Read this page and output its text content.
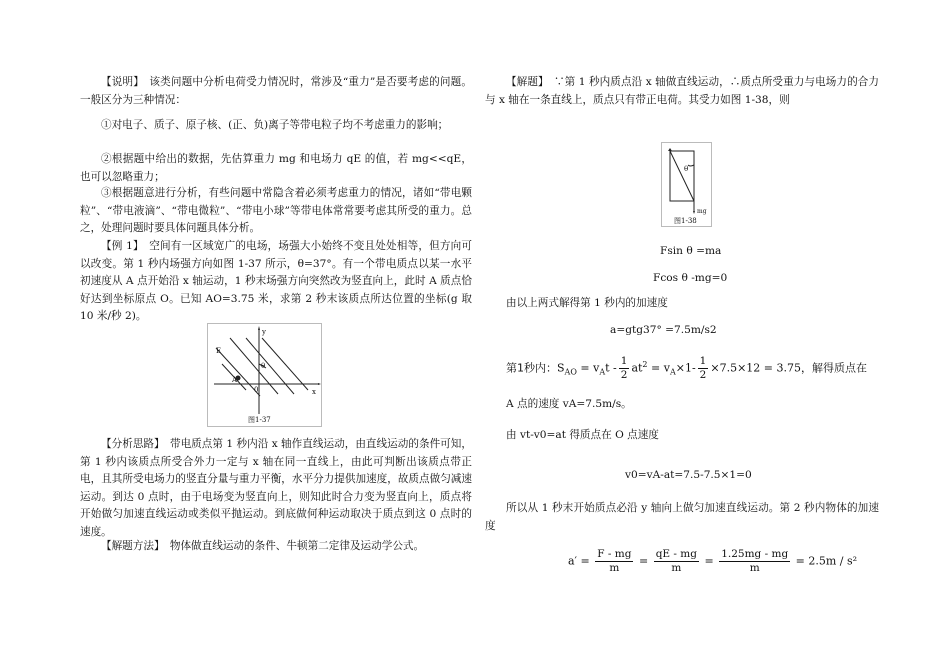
【说明】　该类问题中分析电荷受力情况时，常涉及“重力”是否要考虑的问题。一般区分为三种情况：

①对电子、质子、原子核、(正、负)离子等带电粒子均不考虑重力的影响；

②根据题中给出的数据，先估算重力 mg 和电场力 qE 的值，若 mg<<qE，也可以忽略重力；

③根据题意进行分析，有些问题中常隐含着必须考虑重力的情况，诸如“带电颗粒”、“带电液滴”、“带电微粒”、“带电小球”等带电体常常要考虑其所受的重力。总之，处理问题时要具体问题具体分析。

【例 1】　空间有一区域宽广的电场，场强大小始终不变且处处相等，但方向可以改变。第 1 秒内场强方向如图 1-37 所示，θ=37°。有一个带电质点以某一水平初速度从 A 点开始沿 x 轴运动，1 秒末场强方向突然改为竖直向上，此时 A 质点恰好达到坐标原点 O。已知 AO=3.75 米，求第 2 秒末该质点所达位置的坐标(g 取 10 米/秒 2)。

E
y
x
θ
A
0
图1-37

【分析思路】　带电质点第 1 秒内沿 x 轴作直线运动，由直线运动的条件可知，第 1 秒内该质点所受合外力一定与 x 轴在同一直线上，由此可判断出该质点带正电，且其所受电场力的竖直分量与重力平衡，水平分力提供加速度，故质点做匀减速运动。到达 0 点时，由于电场变为竖直向上，则知此时合力变为竖直向上，质点将开始做匀加速直线运动或类似平抛运动。到底做何种运动取决于质点到这 0 点时的速度。

【解题方法】　物体做直线运动的条件、牛顿第二定律及运动学公式。

【解题】　∵第 1 秒内质点沿 x 轴做直线运动，∴质点所受重力与电场力的合力与 x 轴在一条直线上，质点只有带正电荷。其受力如图 1-38，则

θ
mg
图1-38
Fsin θ =ma
Fcos θ -mg=0

由以上两式解得第 1 秒内的加速度

a=gtg37° =7.5m/s2
第1秒内：$S_{AO} = v_At - \frac{1}{2} at^2 = v_A\times 1- \frac{1}{2} \times 7.5\times 12 = 3.75$，解得质点在

A 点的速度 vA=7.5m/s。

由 vt-v0=at 得质点在 O 点速度

v0=vA-at=7.5-7.5×1=0

所以从 1 秒末开始质点必沿 y 轴向上做匀加速直线运动。第 2 秒内物体的加速度

$a' = \frac{F - mg}{m} = \frac{qE - mg}{m} = \frac{1.25mg - mg}{m} = 2.5m / s^2$
